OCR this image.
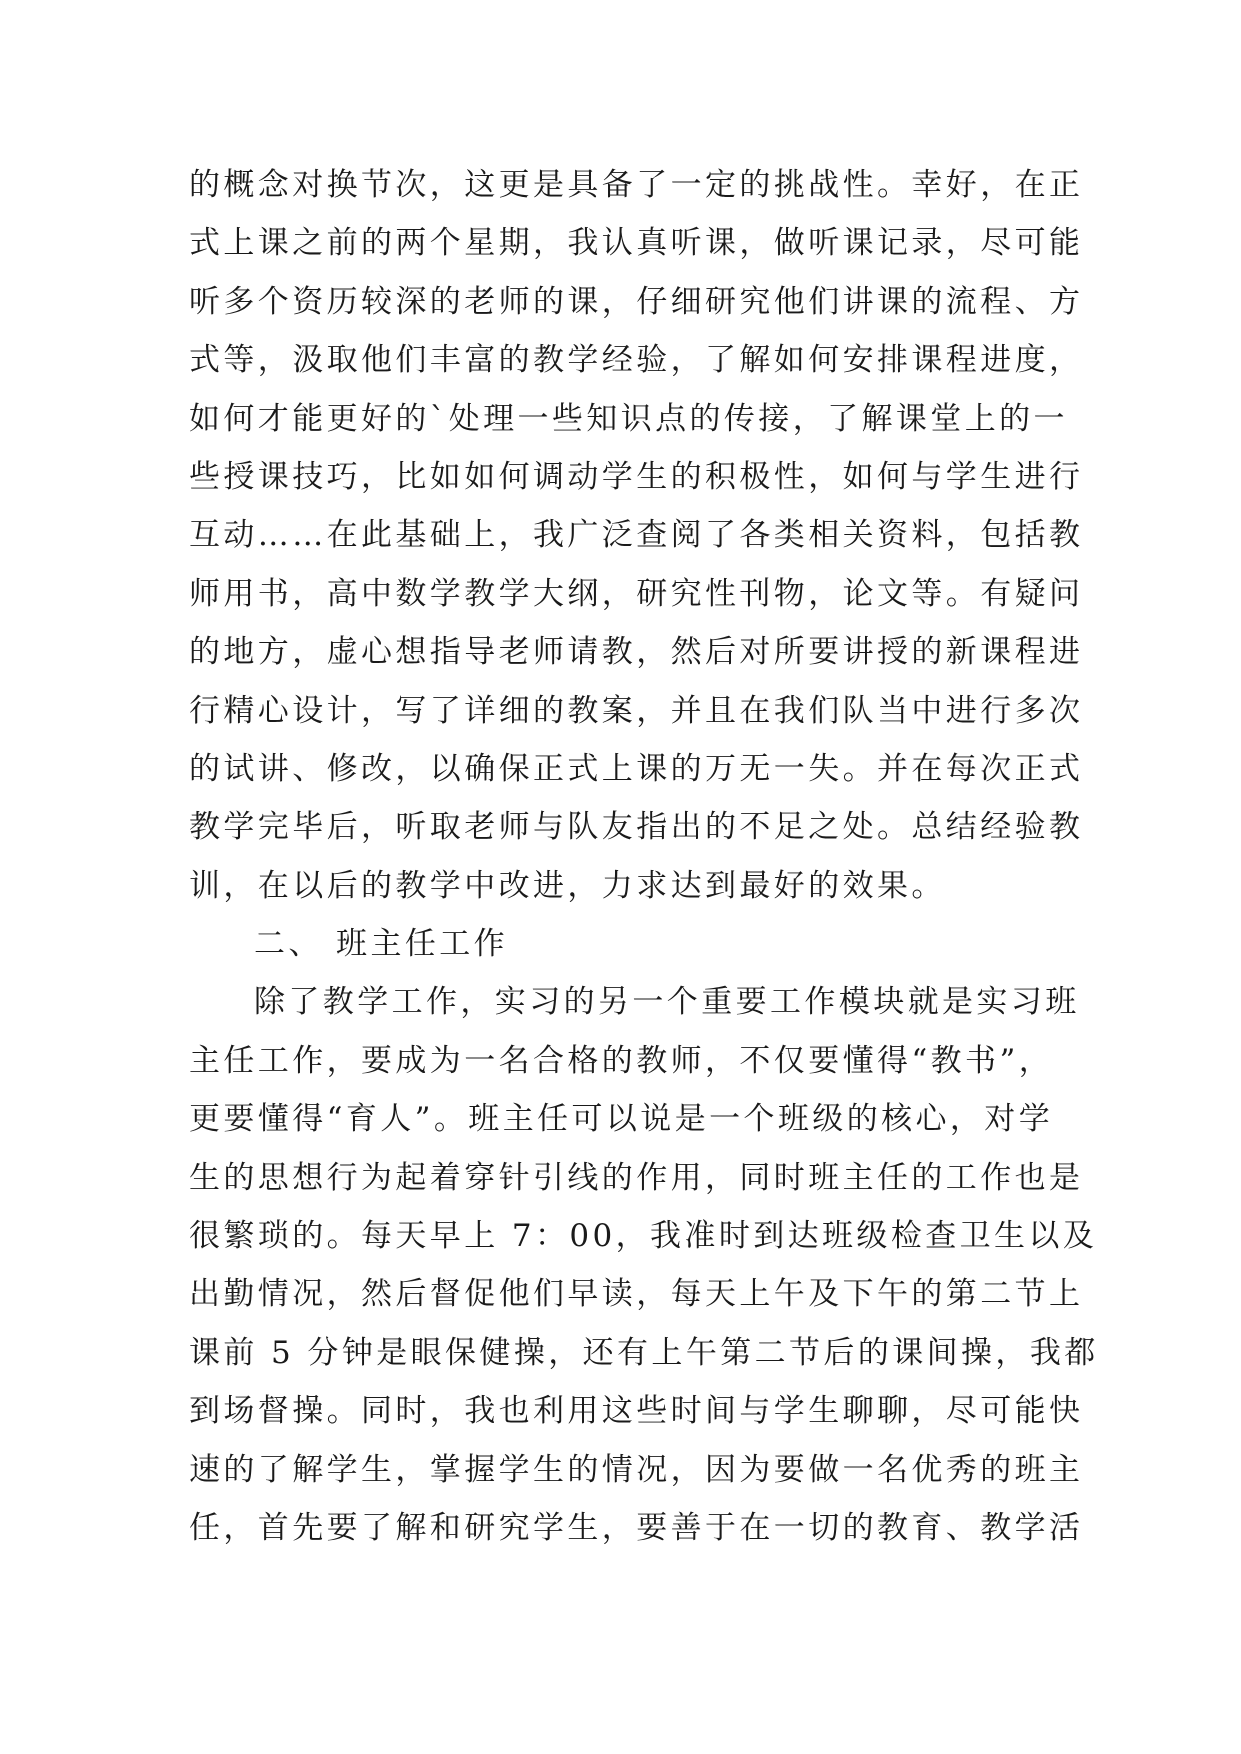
的概念对换节次，这更是具备了一定的挑战性。幸好，在正
式上课之前的两个星期，我认真听课，做听课记录，尽可能
听多个资历较深的老师的课，仔细研究他们讲课的流程、方
式等，汲取他们丰富的教学经验，了解如何安排课程进度，
如何才能更好的`处理一些知识点的传接，了解课堂上的一
些授课技巧，比如如何调动学生的积极性，如何与学生进行
互动……在此基础上，我广泛查阅了各类相关资料，包括教
师用书，高中数学教学大纲，研究性刊物，论文等。有疑问
的地方，虚心想指导老师请教，然后对所要讲授的新课程进
行精心设计，写了详细的教案，并且在我们队当中进行多次
的试讲、修改，以确保正式上课的万无一失。并在每次正式
教学完毕后，听取老师与队友指出的不足之处。总结经验教
训，在以后的教学中改进，力求达到最好的效果。
二、 班主任工作
除了教学工作，实习的另一个重要工作模块就是实习班
主任工作，要成为一名合格的教师，不仅要懂得“教书”，
更要懂得“育人”。班主任可以说是一个班级的核心，对学
生的思想行为起着穿针引线的作用，同时班主任的工作也是
很繁琐的。每天早上 7：00，我准时到达班级检查卫生以及
出勤情况，然后督促他们早读，每天上午及下午的第二节上
课前 5 分钟是眼保健操，还有上午第二节后的课间操，我都
到场督操。同时，我也利用这些时间与学生聊聊，尽可能快
速的了解学生，掌握学生的情况，因为要做一名优秀的班主
任，首先要了解和研究学生，要善于在一切的教育、教学活
